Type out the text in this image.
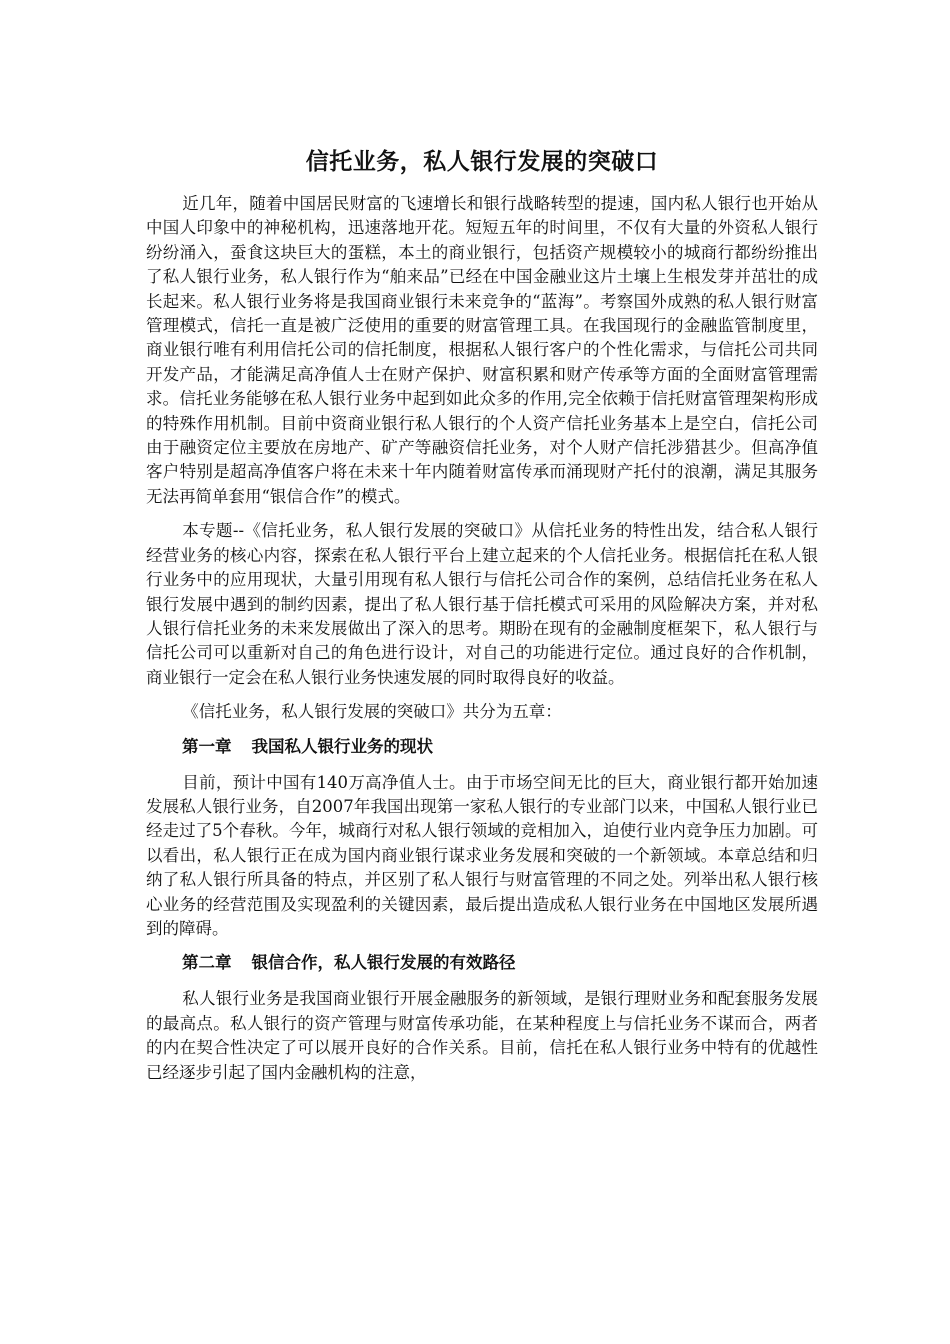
信托业务，私人银行发展的突破口

近几年，随着中国居民财富的飞速增长和银行战略转型的提速，国内私人银行也开始从中国人印象中的神秘机构，迅速落地开花。短短五年的时间里，不仅有大量的外资私人银行纷纷涌入，蚕食这块巨大的蛋糕，本土的商业银行，包括资产规模较小的城商行都纷纷推出了私人银行业务，私人银行作为“舶来品”已经在中国金融业这片土壤上生根发芽并茁壮的成长起来。私人银行业务将是我国商业银行未来竞争的“蓝海”。考察国外成熟的私人银行财富管理模式，信托一直是被广泛使用的重要的财富管理工具。在我国现行的金融监管制度里，商业银行唯有利用信托公司的信托制度，根据私人银行客户的个性化需求，与信托公司共同开发产品，才能满足高净值人士在财产保护、财富积累和财产传承等方面的全面财富管理需求。信托业务能够在私人银行业务中起到如此众多的作用,完全依赖于信托财富管理架构形成的特殊作用机制。目前中资商业银行私人银行的个人资产信托业务基本上是空白，信托公司由于融资定位主要放在房地产、矿产等融资信托业务，对个人财产信托涉猎甚少。但高净值客户特别是超高净值客户将在未来十年内随着财富传承而涌现财产托付的浪潮，满足其服务无法再简单套用“银信合作”的模式。

本专题--《信托业务，私人银行发展的突破口》从信托业务的特性出发，结合私人银行经营业务的核心内容，探索在私人银行平台上建立起来的个人信托业务。根据信托在私人银行业务中的应用现状，大量引用现有私人银行与信托公司合作的案例，总结信托业务在私人银行发展中遇到的制约因素，提出了私人银行基于信托模式可采用的风险解决方案，并对私人银行信托业务的未来发展做出了深入的思考。期盼在现有的金融制度框架下，私人银行与信托公司可以重新对自己的角色进行设计，对自己的功能进行定位。通过良好的合作机制，商业银行一定会在私人银行业务快速发展的同时取得良好的收益。

《信托业务，私人银行发展的突破口》共分为五章：

第一章 我国私人银行业务的现状

目前，预计中国有140万高净值人士。由于市场空间无比的巨大，商业银行都开始加速发展私人银行业务，自2007年我国出现第一家私人银行的专业部门以来，中国私人银行业已经走过了5个春秋。今年，城商行对私人银行领域的竞相加入，迫使行业内竞争压力加剧。可以看出，私人银行正在成为国内商业银行谋求业务发展和突破的一个新领域。本章总结和归纳了私人银行所具备的特点，并区别了私人银行与财富管理的不同之处。列举出私人银行核心业务的经营范围及实现盈利的关键因素，最后提出造成私人银行业务在中国地区发展所遇到的障碍。

第二章 银信合作，私人银行发展的有效路径

私人银行业务是我国商业银行开展金融服务的新领域，是银行理财业务和配套服务发展的最高点。私人银行的资产管理与财富传承功能，在某种程度上与信托业务不谋而合，两者的内在契合性决定了可以展开良好的合作关系。目前，信托在私人银行业务中特有的优越性已经逐步引起了国内金融机构的注意，
